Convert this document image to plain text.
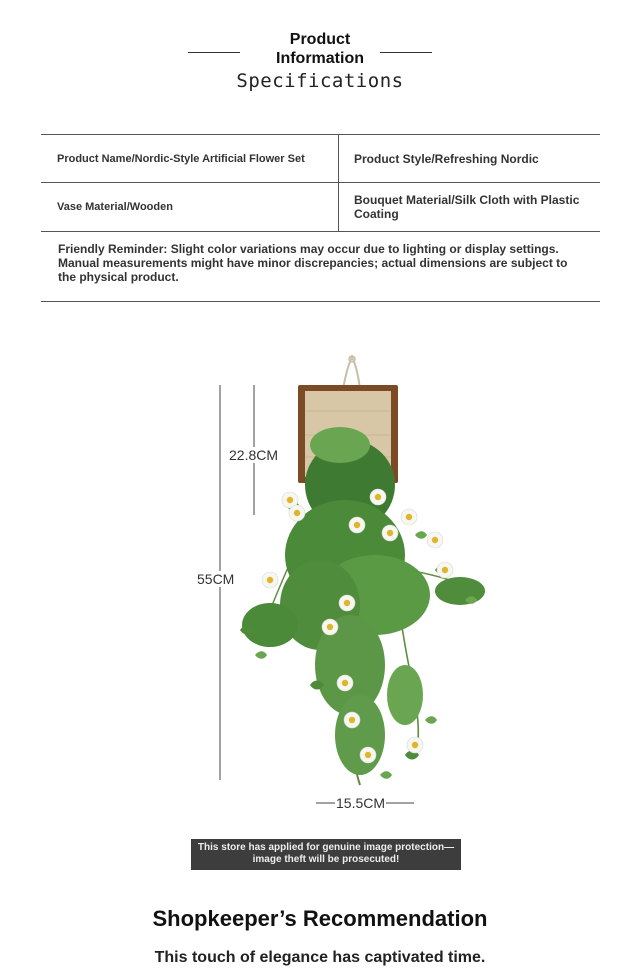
Product
Information
Specifications
Product Name/Nordic-Style Artificial Flower Set	Product Style/Refreshing Nordic
Vase Material/Wooden	Bouquet Material/Silk Cloth with Plastic Coating
Friendly Reminder: Slight color variations may occur due to lighting or display settings. Manual measurements might have minor discrepancies; actual dimensions are subject to the physical product.
22.8CM
55CM
15.5CM
This store has applied for genuine image protection—image theft will be prosecuted!
Shopkeeper’s Recommendation
This touch of elegance has captivated time.
